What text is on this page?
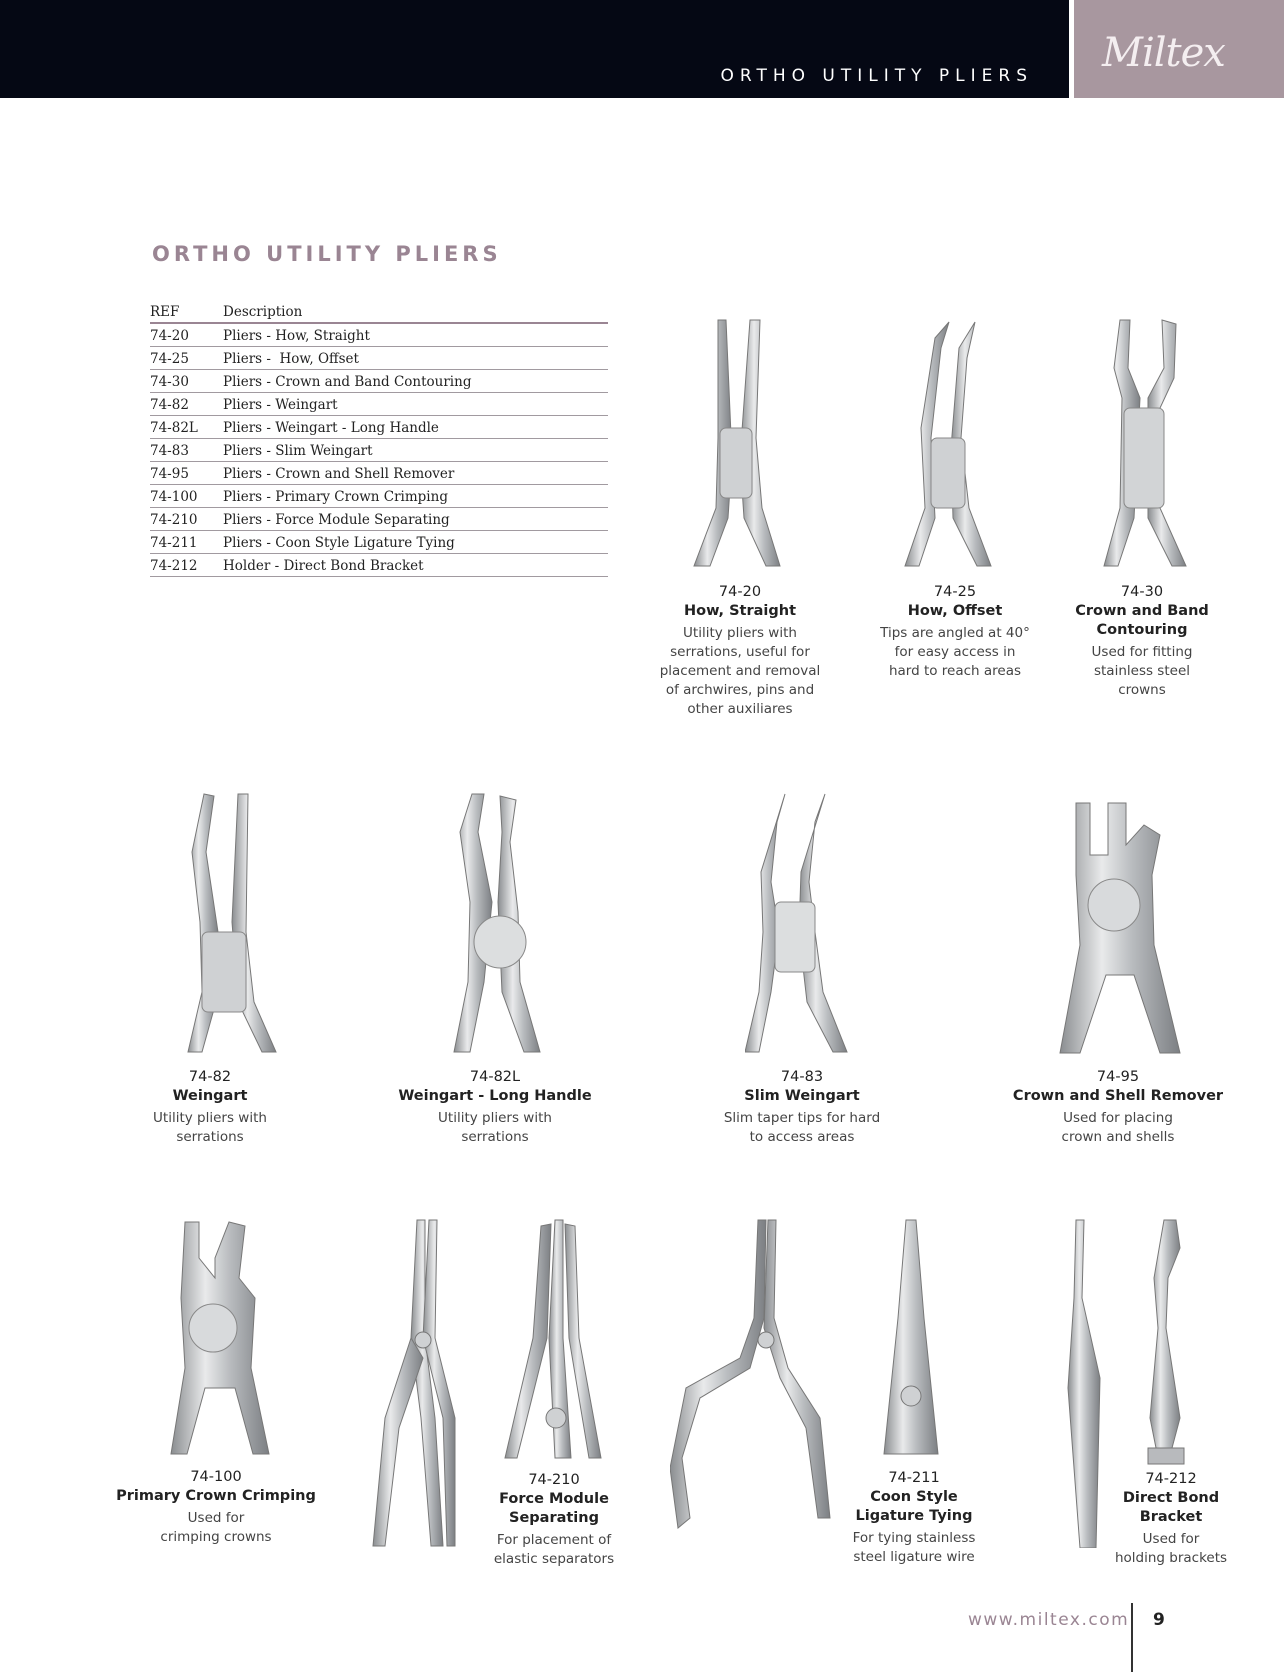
ORTHO UTILITY PLIERS Miltex
ORTHO UTILITY PLIERS
REF	Description
74-20	Pliers - How, Straight
74-25	Pliers -  How, Offset
74-30	Pliers - Crown and Band Contouring
74-82	Pliers - Weingart
74-82L	Pliers - Weingart - Long Handle
74-83	Pliers - Slim Weingart
74-95	Pliers - Crown and Shell Remover
74-100	Pliers - Primary Crown Crimping
74-210	Pliers - Force Module Separating
74-211	Pliers - Coon Style Ligature Tying
74-212	Holder - Direct Bond Bracket
74-20
How, Straight
Utility pliers with
serrations, useful for
placement and removal
of archwires, pins and
other auxiliares
74-25
How, Offset
Tips are angled at 40°
for easy access in
hard to reach areas
74-30
Crown and Band
Contouring
Used for fitting
stainless steel
crowns
74-82
Weingart
Utility pliers with
serrations
74-82L
Weingart - Long Handle
Utility pliers with
serrations
74-83
Slim Weingart
Slim taper tips for hard
to access areas
74-95
Crown and Shell Remover
Used for placing
crown and shells
74-100
Primary Crown Crimping
Used for
crimping crowns
74-210
Force Module
Separating
For placement of
elastic separators
74-211
Coon Style
Ligature Tying
For tying stainless
steel ligature wire
74-212
Direct Bond
Bracket
Used for
holding brackets
www.miltex.com 9
